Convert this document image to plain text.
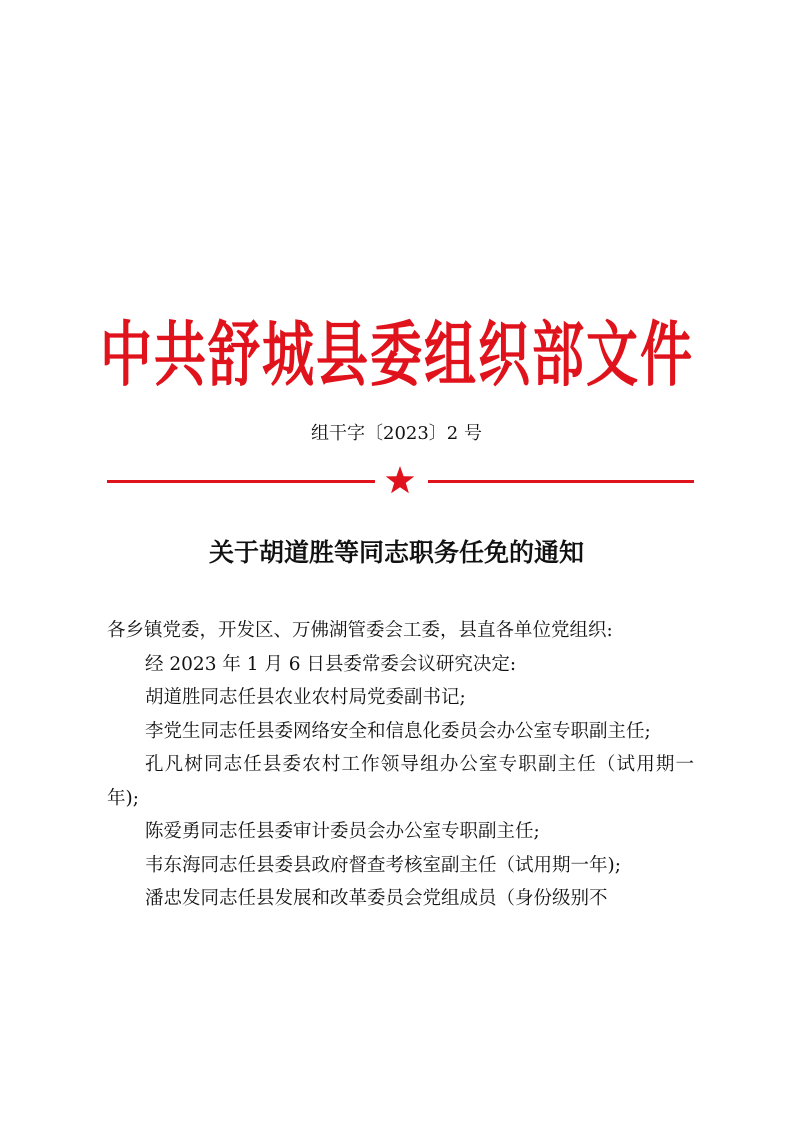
中共舒城县委组织部文件
组干字〔2023〕2 号
关于胡道胜等同志职务任免的通知

各乡镇党委，开发区、万佛湖管委会工委，县直各单位党组织:

经 2023 年 1 月 6 日县委常委会议研究决定:

胡道胜同志任县农业农村局党委副书记;

李党生同志任县委网络安全和信息化委员会办公室专职副主任;

孔凡树同志任县委农村工作领导组办公室专职副主任（试用期一年);

陈爱勇同志任县委审计委员会办公室专职副主任;

韦东海同志任县委县政府督查考核室副主任（试用期一年);

潘忠发同志任县发展和改革委员会党组成员（身份级别不
